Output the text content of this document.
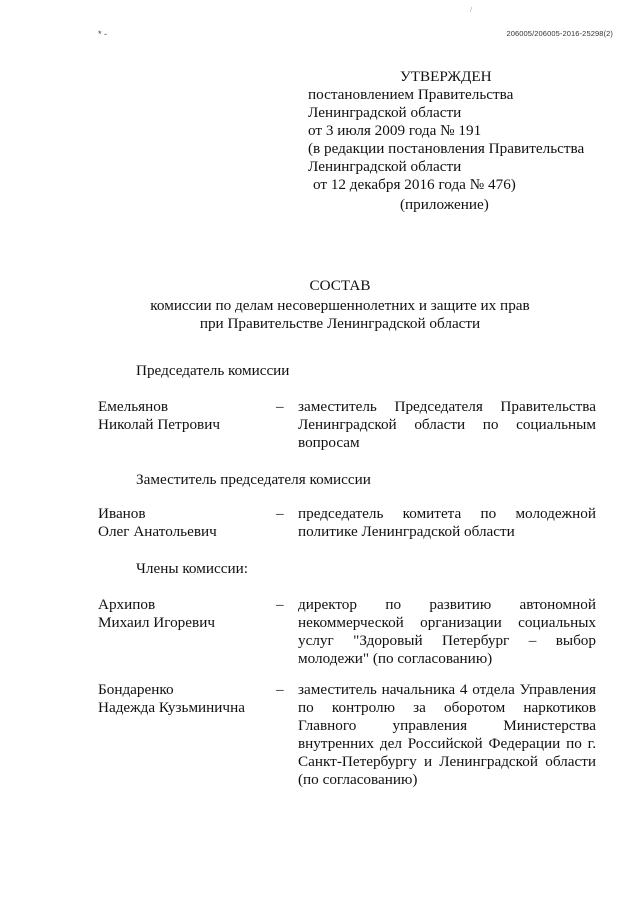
* -
/
206005/206005-2016-25298(2)
УТВЕРЖДЕН
постановлением Правительства
Ленинградской области
от 3 июля 2009 года № 191
(в редакции постановления Правительства
Ленинградской области
от 12 декабря 2016 года № 476)
(приложение)
СОСТАВ
комиссии по делам несовершеннолетних и защите их прав
при Правительстве Ленинградской области
Председатель комиссии
Емельянов
Николай Петрович
– заместитель Председателя Правительства Ленинградской области по социальным вопросам
Заместитель председателя комиссии
Иванов
Олег Анатольевич
– председатель комитета по молодежной политике Ленинградской области
Члены комиссии:
Архипов
Михаил Игоревич
– директор по развитию автономной некоммерческой организации социальных услуг "Здоровый Петербург – выбор молодежи" (по согласованию)
Бондаренко
Надежда Кузьминична
– заместитель начальника 4 отдела Управления по контролю за оборотом наркотиков Главного управления Министерства внутренних дел Российской Федерации по г. Санкт-Петербургу и Ленинградской области (по согласованию)
